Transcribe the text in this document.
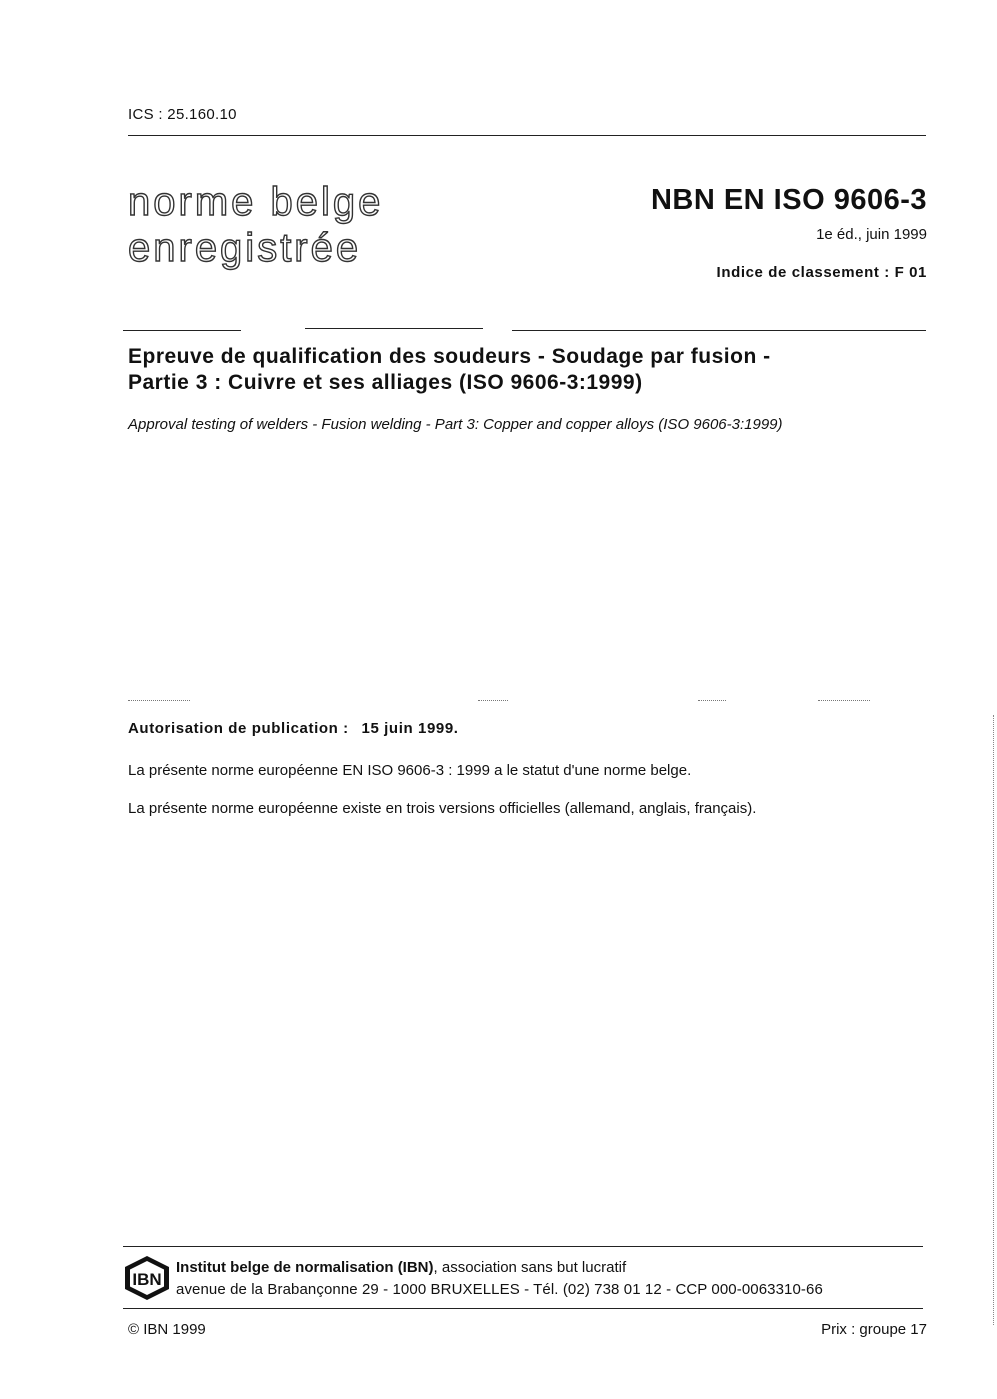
ICS : 25.160.10
norme belge
enregistrée
NBN EN ISO 9606-3
1e éd., juin 1999
Indice de classement : F 01
Epreuve de qualification des soudeurs - Soudage par fusion -
Partie 3 : Cuivre et ses alliages (ISO 9606-3:1999)
Approval testing of welders - Fusion welding - Part 3: Copper and copper alloys (ISO 9606-3:1999)
Autorisation de publication : 15 juin 1999.
La présente norme européenne EN ISO 9606-3 : 1999 a le statut d'une norme belge.
La présente norme européenne existe en trois versions officielles (allemand, anglais, français).
IBN
Institut belge de normalisation (IBN), association sans but lucratif
avenue de la Brabançonne 29 - 1000 BRUXELLES - Tél. (02) 738 01 12 - CCP 000-0063310-66
© IBN 1999	Prix : groupe 17
